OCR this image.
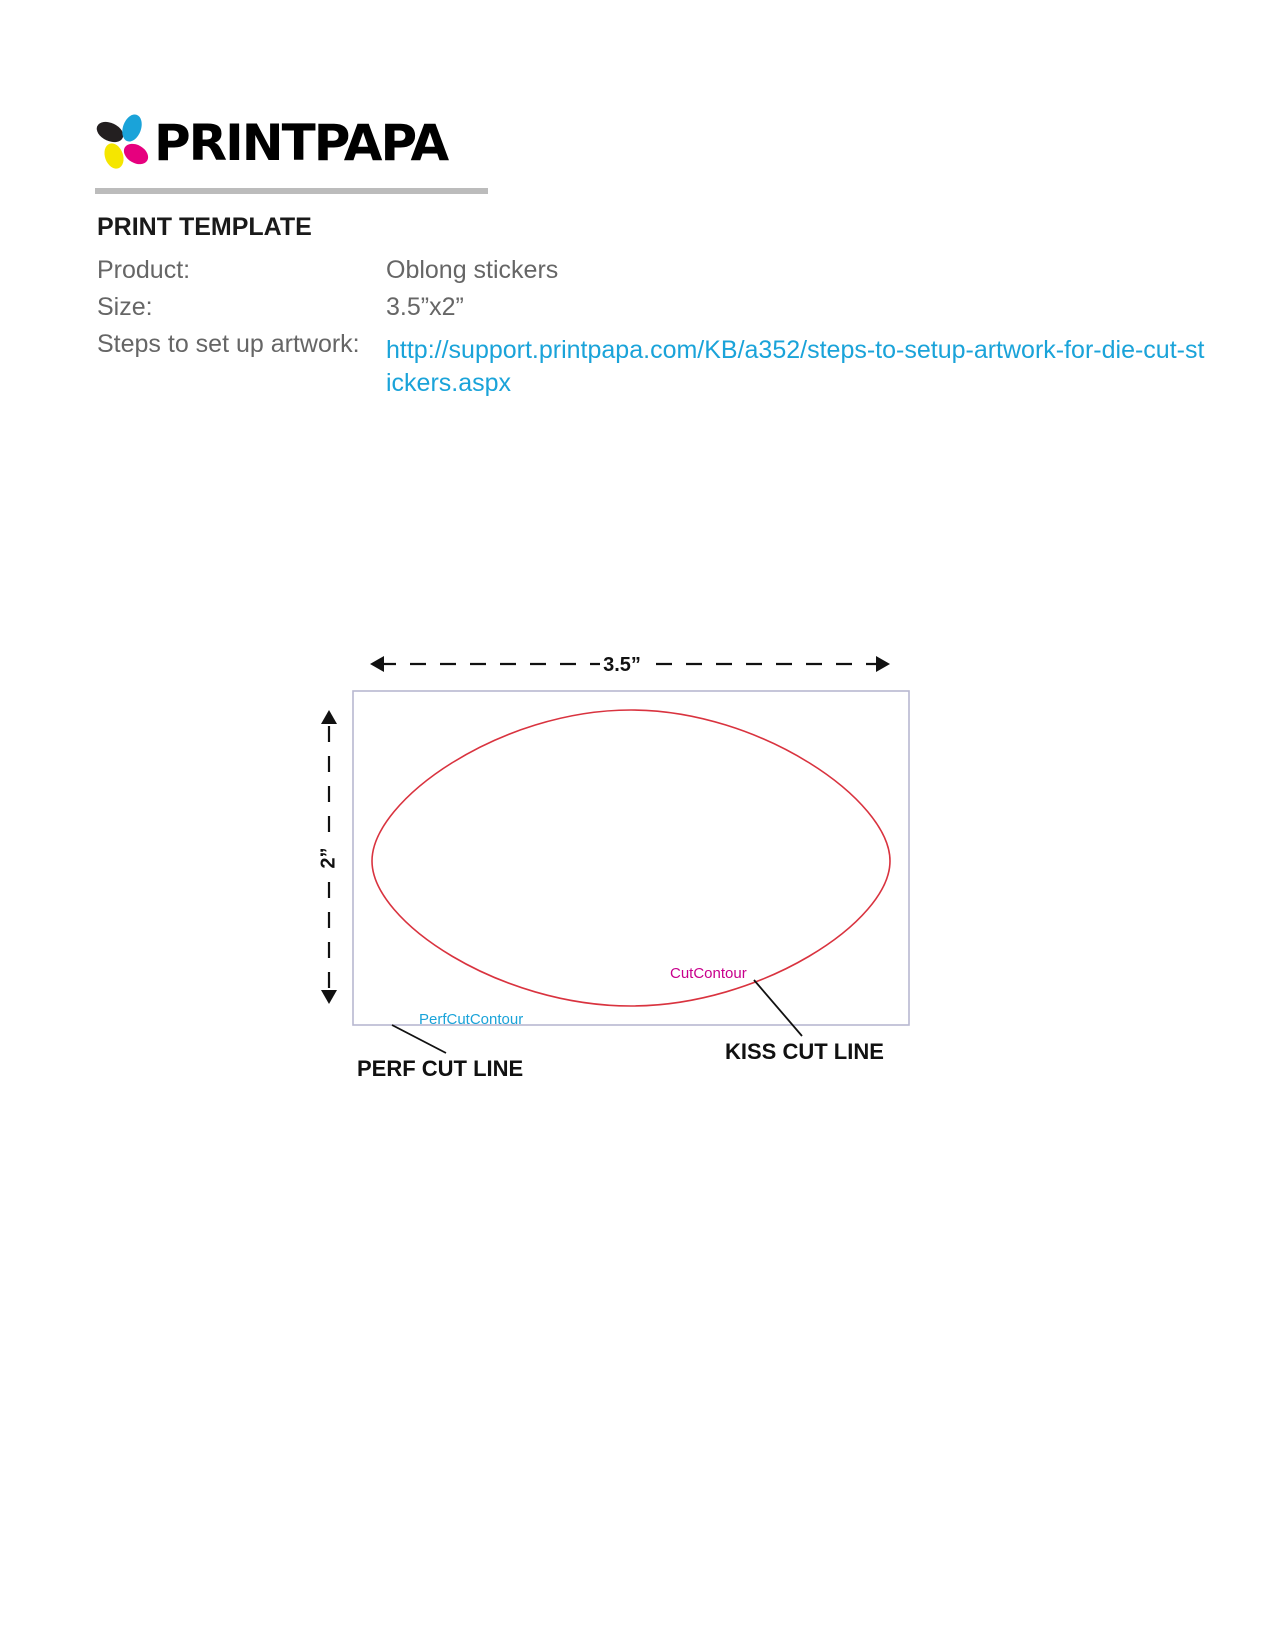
PRINTPAPA
PRINT TEMPLATE
Product:	Oblong stickers
Size:	3.5”x2”
Steps to set up artwork: http://support.printpapa.com/KB/a352/steps-to-setup-artwork-for-die-cut-stickers.aspx
3.5”
2”
CutContour
PerfCutContour
PERF CUT LINE
KISS CUT LINE
